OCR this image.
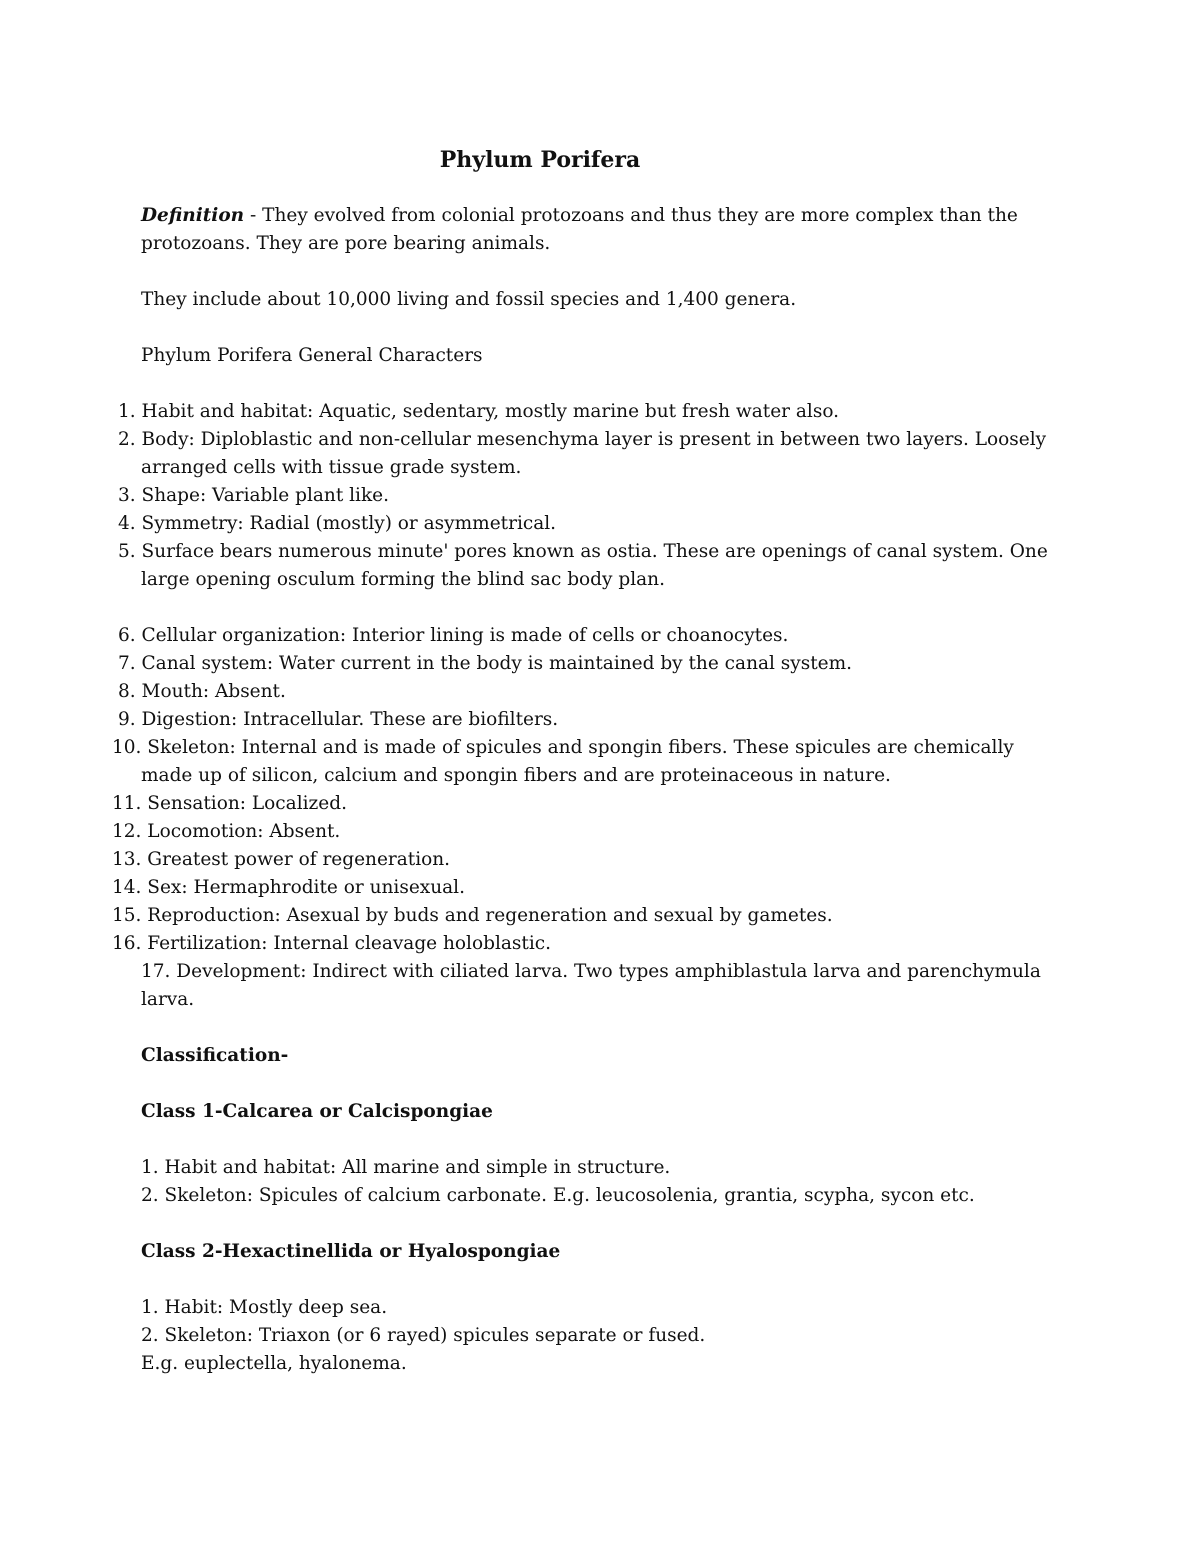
Phylum Porifera

Definition - They evolved from colonial protozoans and thus they are more complex than the protozoans. They are pore bearing animals.

They include about 10,000 living and fossil species and 1,400 genera.

Phylum Porifera General Characters

1. Habit and habitat: Aquatic, sedentary, mostly marine but fresh water also.
2. Body: Diploblastic and non-cellular mesenchyma layer is present in between two layers. Loosely arranged cells with tissue grade system.
3. Shape: Variable plant like.
4. Symmetry: Radial (mostly) or asymmetrical.
5. Surface bears numerous minute' pores known as ostia. These are openings of canal system. One large opening osculum forming the blind sac body plan.
6. Cellular organization: Interior lining is made of cells or choanocytes.
7. Canal system: Water current in the body is maintained by the canal system.
8. Mouth: Absent.
9. Digestion: Intracellular. These are biofilters.
10. Skeleton: Internal and is made of spicules and spongin fibers. These spicules are chemically made up of silicon, calcium and spongin fibers and are proteinaceous in nature.
11. Sensation: Localized.
12. Locomotion: Absent.
13. Greatest power of regeneration.
14. Sex: Hermaphrodite or unisexual.
15. Reproduction: Asexual by buds and regeneration and sexual by gametes.
16. Fertilization: Internal cleavage holoblastic.
17. Development: Indirect with ciliated larva. Two types amphiblastula larva and parenchymula larva.

Classification-

Class 1-Calcarea or Calcispongiae

1. Habit and habitat: All marine and simple in structure.
2. Skeleton: Spicules of calcium carbonate. E.g. leucosolenia, grantia, scypha, sycon etc.

Class 2-Hexactinellida or Hyalospongiae

1. Habit: Mostly deep sea.
2. Skeleton: Triaxon (or 6 rayed) spicules separate or fused.
E.g. euplectella, hyalonema.
